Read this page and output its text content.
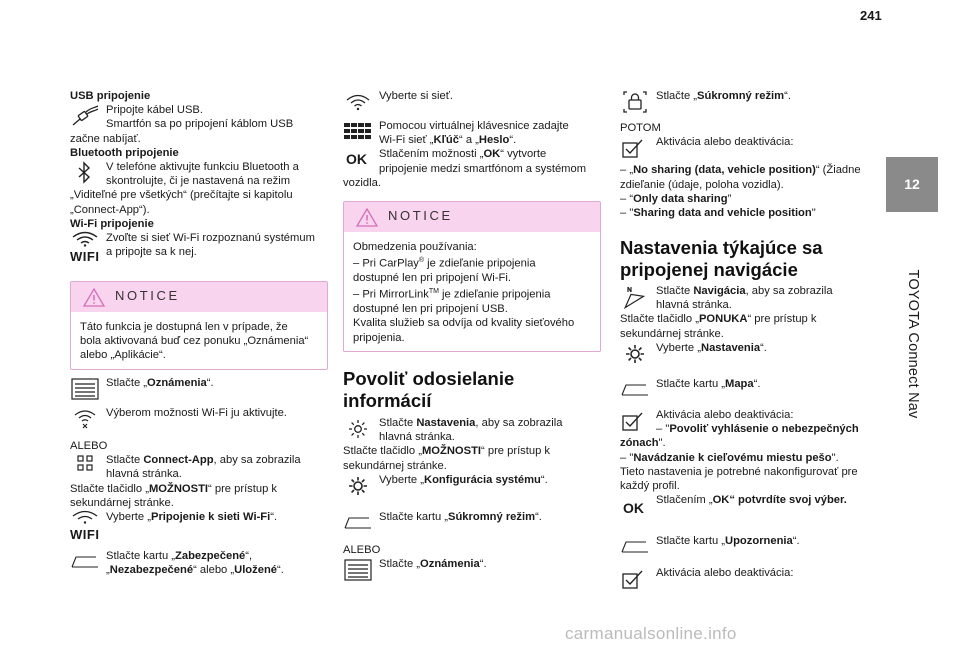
241
12
TOYOTA Connect Nav

USB pripojenie

Pripojte kábel USB.

Smartfón sa po pripojení káblom USB

začne nabíjať.

Bluetooth pripojenie

V telefóne aktivujte funkciu Bluetooth a

skontrolujte, či je nastavená na režim

„Viditeľné pre všetkých“ (prečítajte si kapitolu

„Connect-App“).

Wi-Fi pripojenie

WIFI

Zvoľte si sieť Wi-Fi rozpoznanú systémum

a pripojte sa k nej.

NOTICE

Táto funkcia je dostupná len v prípade, že

bola aktivovaná buď cez ponuku „Oznámenia“

alebo „Aplikácie“.

Stlačte „Oznámenia“.

Výberom možnosti Wi-Fi ju aktivujte.

ALEBO

Stlačte Connect-App, aby sa zobrazila

hlavná stránka.

Stlačte tlačidlo „MOŽNOSTI“ pre prístup k

sekundárnej stránke.

WIFI

Vyberte „Pripojenie k sieti Wi-Fi“.

Stlačte kartu „Zabezpečené“,

„Nezabezpečené“ alebo „Uložené“.

Vyberte si sieť.

Pomocou virtuálnej klávesnice zadajte

Wi-Fi sieť „Kľúč“ a „Heslo“.

OK	Stlačením možnosti „OK“ vytvorte

pripojenie medzi smartfónom a systémom

vozidla.

NOTICE

Obmedzenia používania:

– Pri CarPlay® je zdieľanie pripojenia

dostupné len pri pripojení Wi-Fi.

– Pri MirrorLink™ je zdieľanie pripojenia

dostupné len pri pripojení USB.

Kvalita služieb sa odvíja od kvality sieťového

pripojenia.

Povoliť odosielanie
informácií

Stlačte Nastavenia, aby sa zobrazila

hlavná stránka.

Stlačte tlačidlo „MOŽNOSTI“ pre prístup k

sekundárnej stránke.

Vyberte „Konfigurácia systému“.

Stlačte kartu „Súkromný režim“.

ALEBO

Stlačte „Oznámenia“.

Stlačte „Súkromný režim“.

POTOM

Aktivácia alebo deaktivácia:

– „No sharing (data, vehicle position)“ (Žiadne

zdieľanie (údaje, poloha vozidla).

– “Only data sharing”

– "Sharing data and vehicle position"

Nastavenia týkajúce sa
pripojenej navigácie

Stlačte Navigácia, aby sa zobrazila

hlavná stránka.

Stlačte tlačidlo „PONUKA“ pre prístup k

sekundárnej stránke.

Vyberte „Nastavenia“.

Stlačte kartu „Mapa“.

Aktivácia alebo deaktivácia:

– "Povoliť vyhlásenie o nebezpečných

zónach".

– "Navádzanie k cieľovému miestu pešo".

Tieto nastavenia je potrebné nakonfigurovať pre

každý profil.

OK	Stlačením „OK“ potvrdíte svoj výber.

Stlačte kartu „Upozornenia“.

Aktivácia alebo deaktivácia:

carmanualsonline.info
